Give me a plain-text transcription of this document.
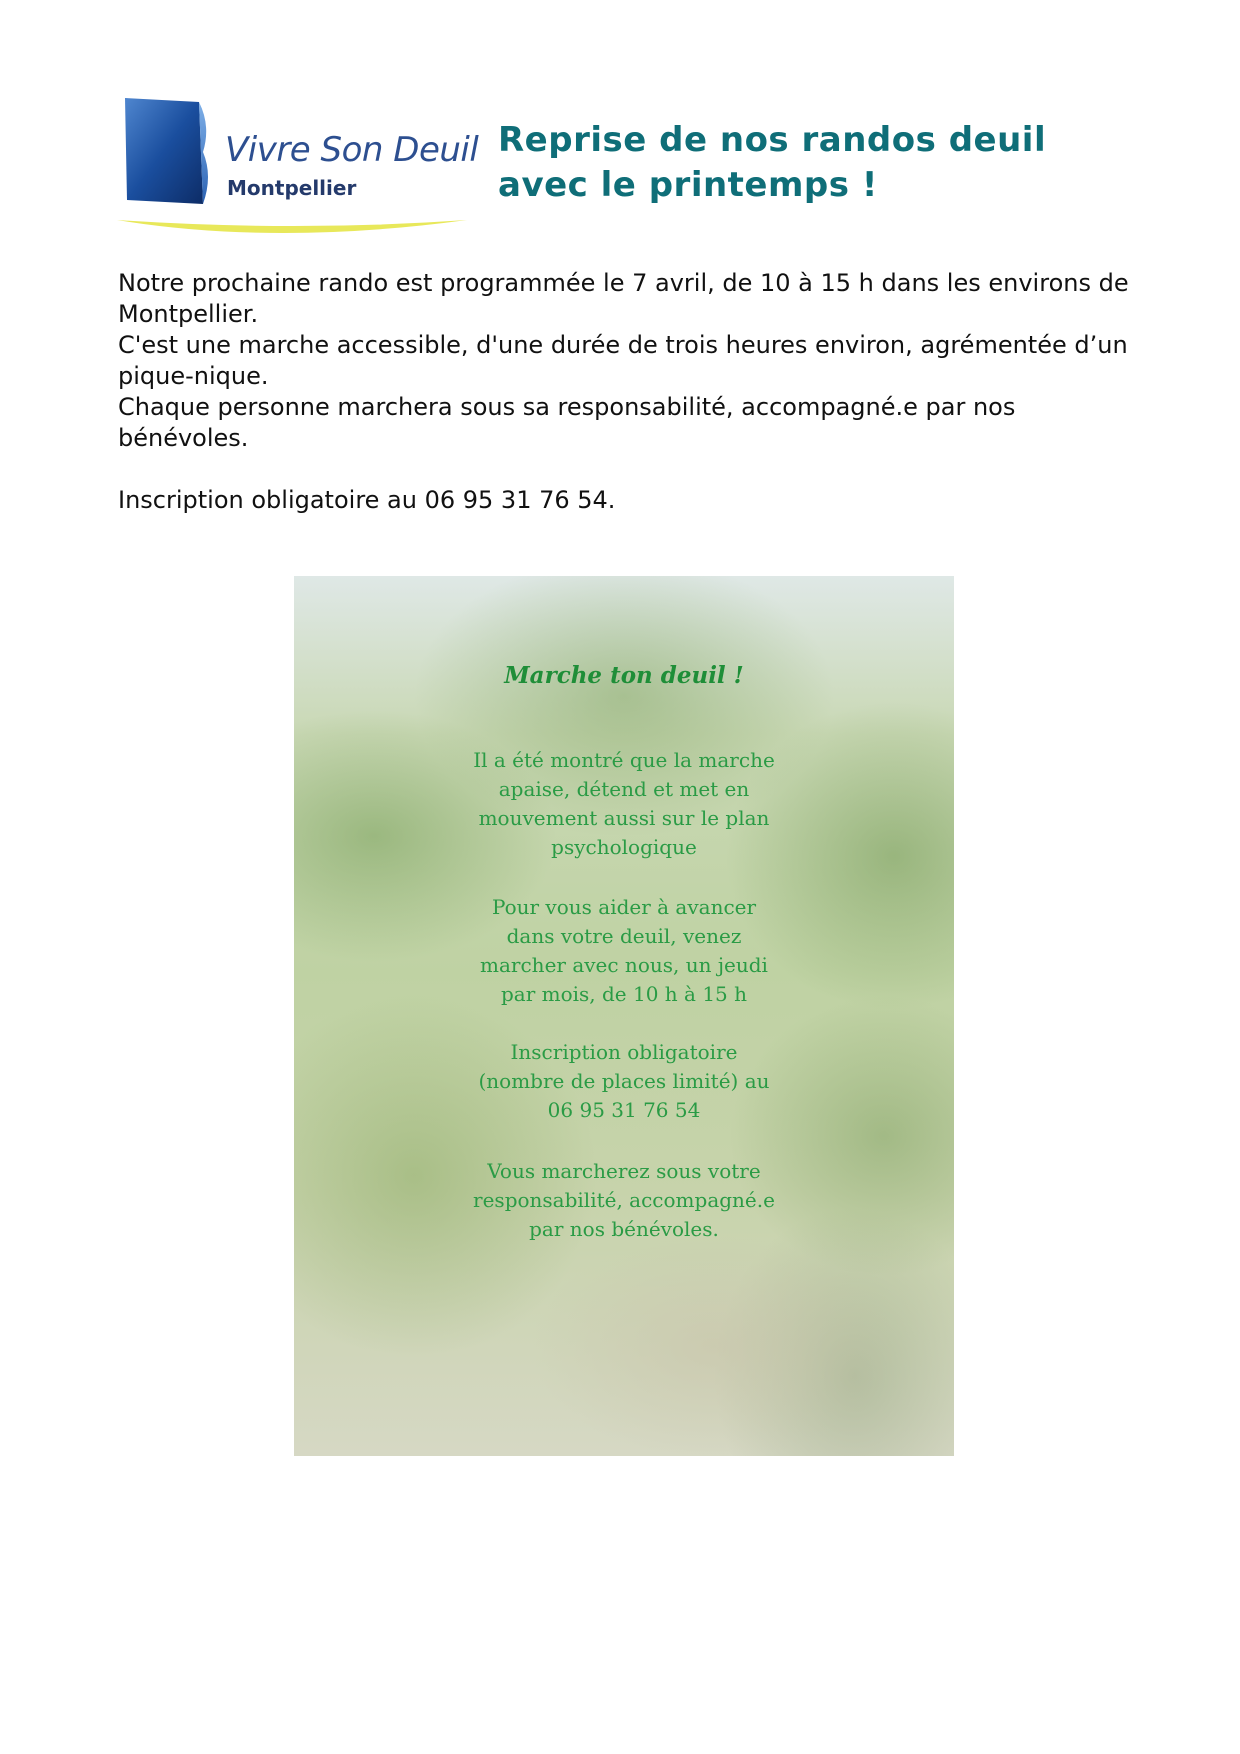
Vivre Son Deuil
Montpellier
Reprise de nos randos deuil
avec le printemps !

Notre prochaine rando est programmée le 7 avril, de 10 à 15 h dans les environs de Montpellier.

C'est une marche accessible, d'une durée de trois heures environ, agrémentée d’un pique-nique.

Chaque personne marchera sous sa responsabilité, accompagné.e par nos bénévoles.

Inscription obligatoire au 06 95 31 76 54.

Marche ton deuil !

Il a été montré que la marche apaise, détend et met en mouvement aussi sur le plan psychologique

Pour vous aider à avancer dans votre deuil, venez marcher avec nous, un jeudi par mois, de 10 h à 15 h

Inscription obligatoire (nombre de places limité) au 06 95 31 76 54

Vous marcherez sous votre responsabilité, accompagné.e par nos bénévoles.
